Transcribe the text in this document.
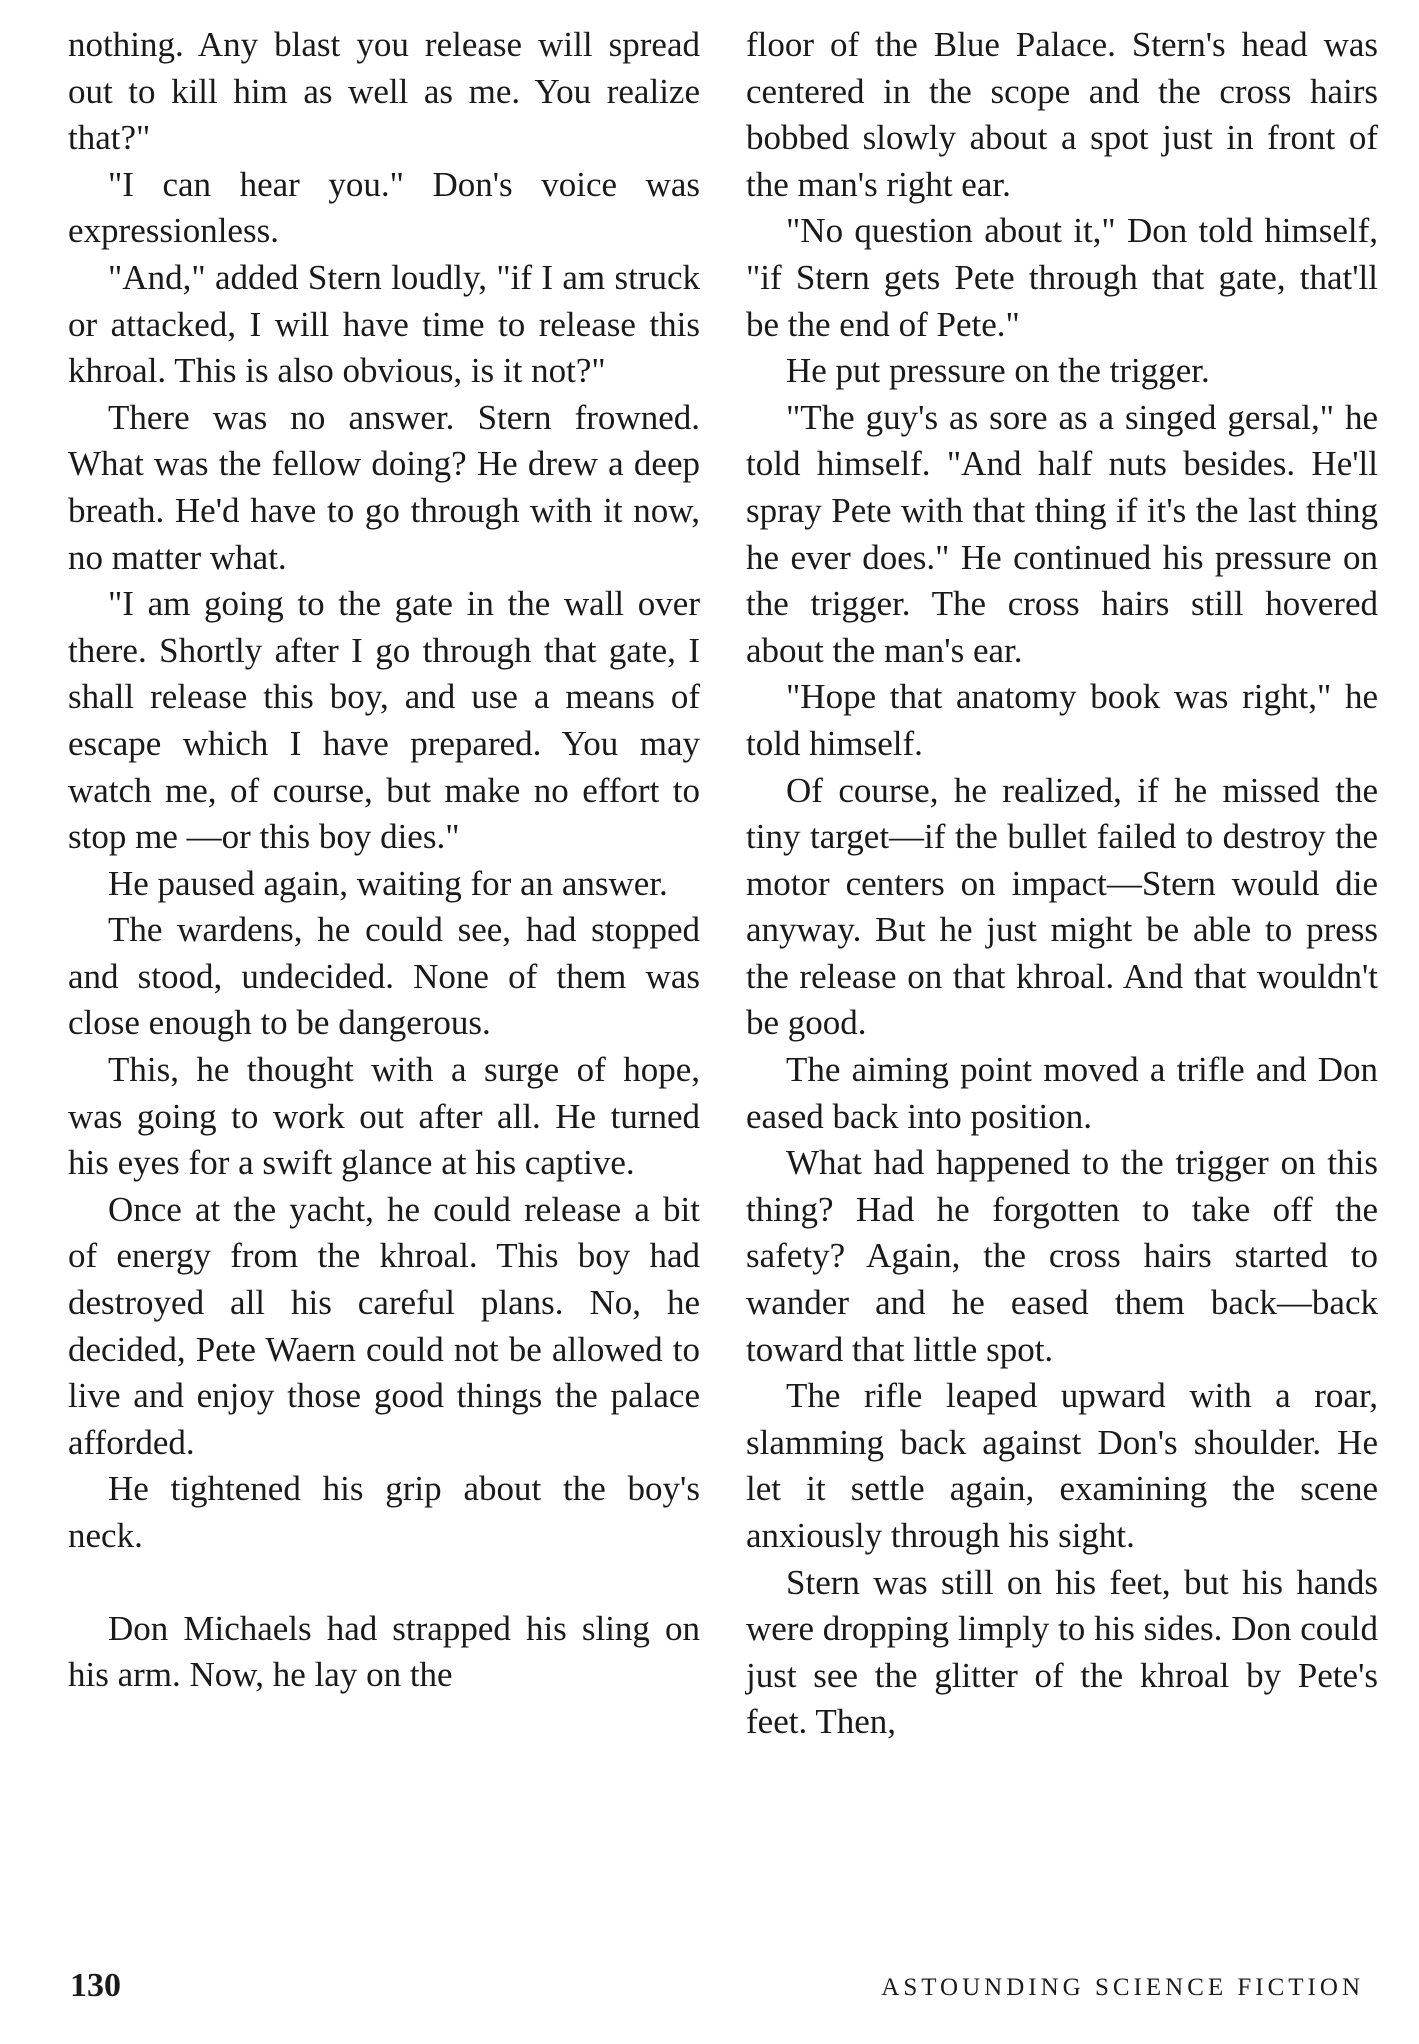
nothing. Any blast you release will spread out to kill him as well as me. You realize that?"

"I can hear you." Don's voice was expressionless.

"And," added Stern loudly, "if I am struck or attacked, I will have time to release this khroal. This is also obvious, is it not?"

There was no answer. Stern frowned. What was the fellow doing? He drew a deep breath. He'd have to go through with it now, no matter what.

"I am going to the gate in the wall over there. Shortly after I go through that gate, I shall release this boy, and use a means of escape which I have prepared. You may watch me, of course, but make no effort to stop me —or this boy dies."

He paused again, waiting for an answer.

The wardens, he could see, had stopped and stood, undecided. None of them was close enough to be dangerous.

This, he thought with a surge of hope, was going to work out after all. He turned his eyes for a swift glance at his captive.

Once at the yacht, he could release a bit of energy from the khroal. This boy had destroyed all his careful plans. No, he decided, Pete Waern could not be allowed to live and enjoy those good things the palace afforded.

He tightened his grip about the boy's neck.

Don Michaels had strapped his sling on his arm. Now, he lay on the

floor of the Blue Palace. Stern's head was centered in the scope and the cross hairs bobbed slowly about a spot just in front of the man's right ear.

"No question about it," Don told himself, "if Stern gets Pete through that gate, that'll be the end of Pete."

He put pressure on the trigger.

"The guy's as sore as a singed gersal," he told himself. "And half nuts besides. He'll spray Pete with that thing if it's the last thing he ever does." He continued his pressure on the trigger. The cross hairs still hovered about the man's ear.

"Hope that anatomy book was right," he told himself.

Of course, he realized, if he missed the tiny target—if the bullet failed to destroy the motor centers on impact—Stern would die anyway. But he just might be able to press the release on that khroal. And that wouldn't be good.

The aiming point moved a trifle and Don eased back into position.

What had happened to the trigger on this thing? Had he forgotten to take off the safety? Again, the cross hairs started to wander and he eased them back—back toward that little spot.

The rifle leaped upward with a roar, slamming back against Don's shoulder. He let it settle again, examining the scene anxiously through his sight.

Stern was still on his feet, but his hands were dropping limply to his sides. Don could just see the glitter of the khroal by Pete's feet. Then,

130	ASTOUNDING SCIENCE FICTION
